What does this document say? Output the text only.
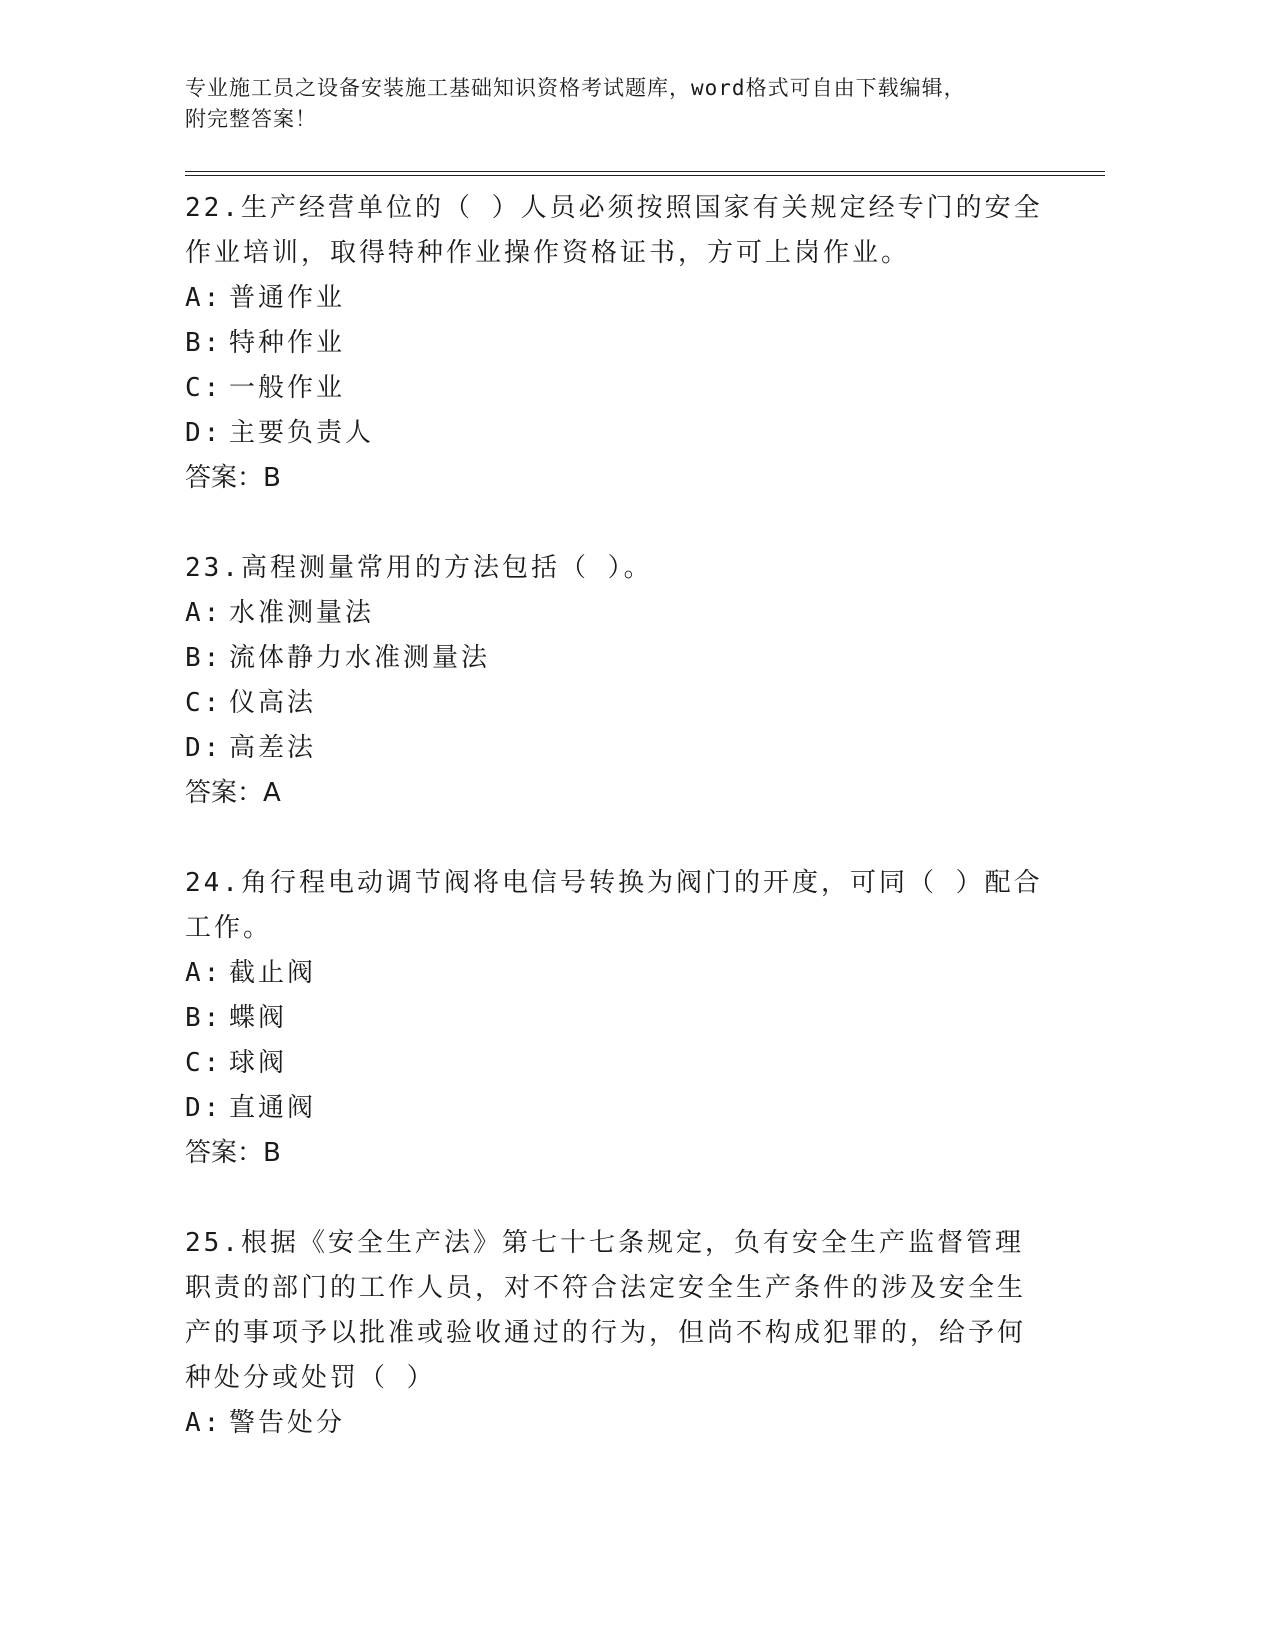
专业施工员之设备安装施工基础知识资格考试题库，word格式可自由下载编辑，
附完整答案！
22.生产经营单位的（ ）人员必须按照国家有关规定经专门的安全作业培训，取得特种作业操作资格证书，方可上岗作业。
A: 普通作业
B: 特种作业
C: 一般作业
D: 主要负责人
答案：B
23.高程测量常用的方法包括（ ）。
A: 水准测量法
B: 流体静力水准测量法
C: 仪高法
D: 高差法
答案：A
24.角行程电动调节阀将电信号转换为阀门的开度，可同（ ）配合工作。
A: 截止阀
B: 蝶阀
C: 球阀
D: 直通阀
答案：B
25.根据《安全生产法》第七十七条规定，负有安全生产监督管理职责的部门的工作人员，对不符合法定安全生产条件的涉及安全生产的事项予以批准或验收通过的行为，但尚不构成犯罪的，给予何种处分或处罚（ ）
A: 警告处分
